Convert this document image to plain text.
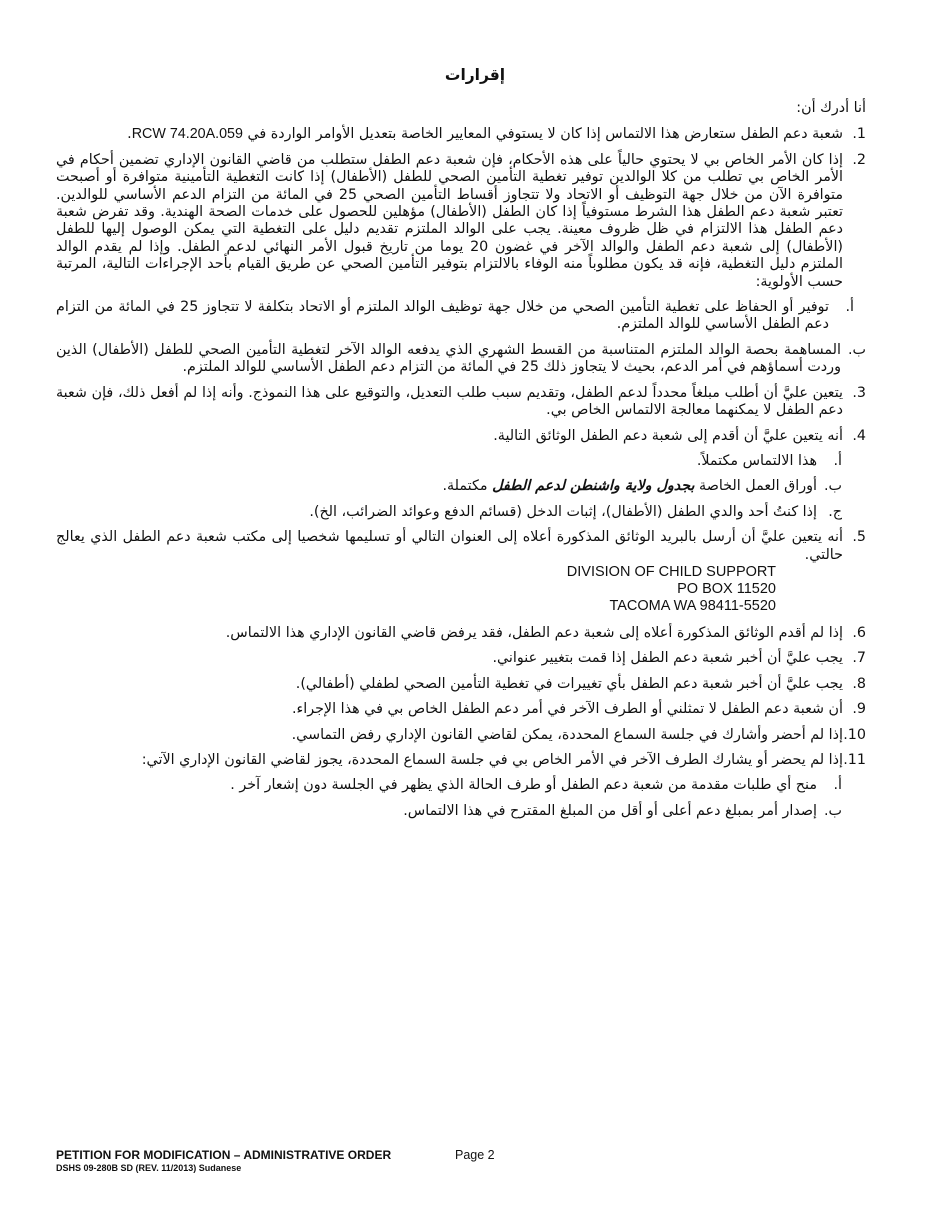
إقرارات

أنا أدرك أن:

1.
شعبة دعم الطفل ستعارض هذا الالتماس إذا كان لا يستوفي المعايير الخاصة بتعديل الأوامر الواردة في RCW 74.20A.059.
2.
إذا كان الأمر الخاص بي لا يحتوي حالياً على هذه الأحكام، فإن شعبة دعم الطفل ستطلب من قاضي القانون الإداري تضمين أحكام في الأمر الخاص بي تطلب من كلا الوالدين توفير تغطية التأمين الصحي للطفل (الأطفال) إذا كانت التغطية التأمينية متوافرة أو أصبحت متوافرة الآن من خلال جهة التوظيف أو الاتحاد ولا تتجاوز أقساط التأمين الصحي 25 في المائة من التزام الدعم الأساسي للوالدين. تعتبر شعبة دعم الطفل هذا الشرط مستوفياً إذا كان الطفل (الأطفال) مؤهلين للحصول على خدمات الصحة الهندية. وقد تفرض شعبة دعم الطفل هذا الالتزام في ظل ظروف معينة. يجب على الوالد الملتزم تقديم دليل على التغطية التي يمكن الوصول إليها للطفل (الأطفال) إلى شعبة دعم الطفل والوالد الآخر في غضون 20 يوما من تاريخ قبول الأمر النهائي لدعم الطفل. وإذا لم يقدم الوالد الملتزم دليل التغطية، فإنه قد يكون مطلوباً منه الوفاء بالالتزام بتوفير التأمين الصحي عن طريق القيام بأحد الإجراءات التالية، المرتبة حسب الأولوية:
أ.
توفير أو الحفاظ على تغطية التأمين الصحي من خلال جهة توظيف الوالد الملتزم أو الاتحاد بتكلفة لا تتجاوز 25 في المائة من التزام دعم الطفل الأساسي للوالد الملتزم.
ب.
المساهمة بحصة الوالد الملتزم المتناسبة من القسط الشهري الذي يدفعه الوالد الآخر لتغطية التأمين الصحي للطفل (الأطفال) الذين وردت أسماؤهم في أمر الدعم، بحيث لا يتجاوز ذلك 25 في المائة من التزام دعم الطفل الأساسي للوالد الملتزم.
3.
يتعين عليَّ أن أطلب مبلغاً محدداً لدعم الطفل، وتقديم سبب طلب التعديل، والتوقيع على هذا النموذج. وأنه إذا لم أفعل ذلك، فإن شعبة دعم الطفل لا يمكنهما معالجة الالتماس الخاص بي.
4.
أنه يتعين عليَّ أن أقدم إلى شعبة دعم الطفل الوثائق التالية.
أ.
هذا الالتماس مكتملاً.
ب.
أوراق العمل الخاصة بجدول ولاية واشنطن لدعم الطفل مكتملة.
ج.
إذا كنتُ أحد والدي الطفل (الأطفال)، إثبات الدخل (قسائم الدفع وعوائد الضرائب، الخ).
5.
أنه يتعين عليَّ أن أرسل بالبريد الوثائق المذكورة أعلاه إلى العنوان التالي أو تسليمها شخصيا إلى مكتب شعبة دعم الطفل الذي يعالج حالتي.
DIVISION OF CHILD SUPPORT
PO BOX 11520
TACOMA WA 98411-5520
6.
إذا لم أقدم الوثائق المذكورة أعلاه إلى شعبة دعم الطفل، فقد يرفض قاضي القانون الإداري هذا الالتماس.
7.
يجب عليَّ أن أخبر شعبة دعم الطفل إذا قمت بتغيير عنواني.
8.
يجب عليَّ أن أخبر شعبة دعم الطفل بأي تغييرات في تغطية التأمين الصحي لطفلي (أطفالي).
9.
أن شعبة دعم الطفل لا تمثلني أو الطرف الآخر في أمر دعم الطفل الخاص بي في هذا الإجراء.
10.
إذا لم أحضر وأشارك في جلسة السماع المحددة، يمكن لقاضي القانون الإداري رفض التماسي.
11.
إذا لم يحضر أو يشارك الطرف الآخر في الأمر الخاص بي في جلسة السماع المحددة، يجوز لقاضي القانون الإداري الآتي:
أ.
منح أي طلبات مقدمة من شعبة دعم الطفل أو طرف الحالة الذي يظهر في الجلسة دون إشعار آخر .
ب.
إصدار أمر بمبلغ دعم أعلى أو أقل من المبلغ المقترح في هذا الالتماس.
PETITION FOR MODIFICATION – ADMINISTRATIVE ORDER
DSHS 09-280B SD (REV. 11/2013) Sudanese
Page 2
